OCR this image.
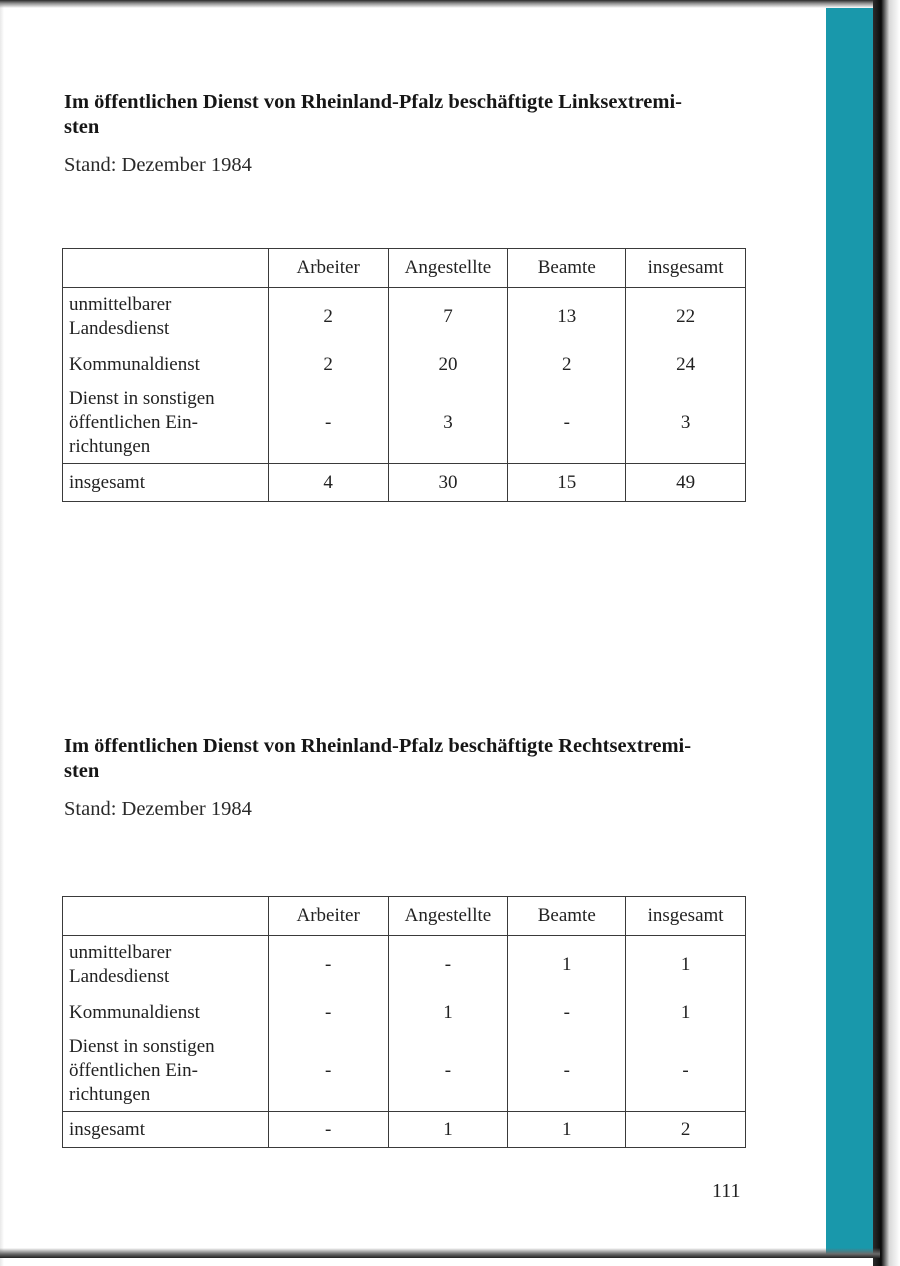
Im öffentlichen Dienst von Rheinland-Pfalz beschäftigte Linksextremi-
sten

Stand: Dezember 1984
	Arbeiter	Angestellte	Beamte	insgesamt
unmittelbarer
Landesdienst	2	7	13	22
Kommunaldienst	2	20	2	24
Dienst in sonstigen
öffentlichen Ein-
richtungen	-	3	-	3
insgesamt	4	30	15	49

Im öffentlichen Dienst von Rheinland-Pfalz beschäftigte Rechtsextremi-
sten

Stand: Dezember 1984
	Arbeiter	Angestellte	Beamte	insgesamt
unmittelbarer
Landesdienst	-	-	1	1
Kommunaldienst	-	1	-	1
Dienst in sonstigen
öffentlichen Ein-
richtungen	-	-	-	-
insgesamt	-	1	1	2
111
